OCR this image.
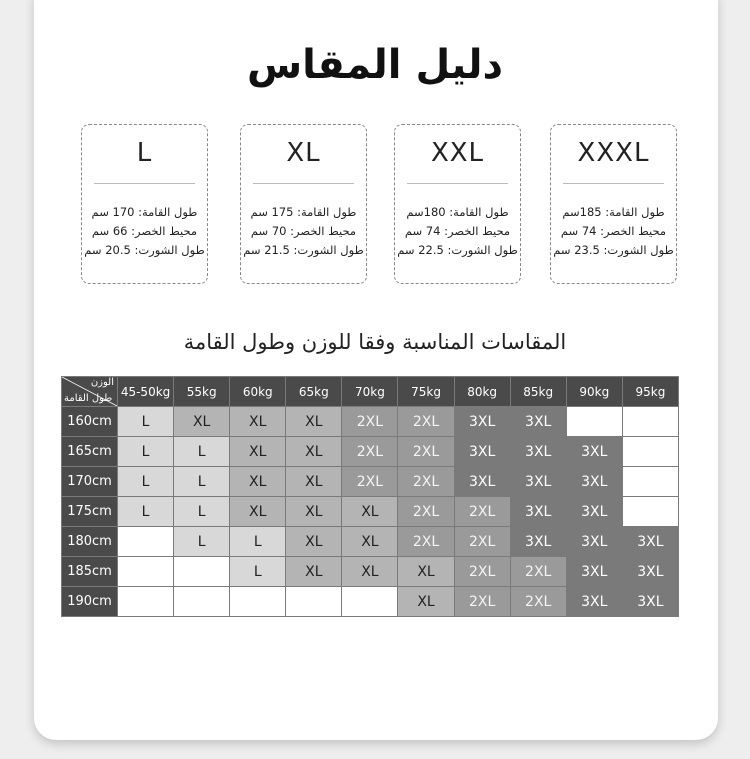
دليل المقاس
XXXL
طول القامة: 185سم
محيط الخصر: 74 سم
طول الشورت: 23.5 سم
XXL
طول القامة: 180سم
محيط الخصر: 74 سم
طول الشورت: 22.5 سم
XL
طول القامة: 175 سم
محيط الخصر: 70 سم
طول الشورت: 21.5 سم
L
طول القامة: 170 سم
محيط الخصر: 66 سم
طول الشورت: 20.5 سم
المقاسات المناسبة وفقا للوزن وطول القامة
الوزن
طول القامة	45-50kg	55kg	60kg	65kg	70kg	75kg	80kg	85kg	90kg	95kg
160cm	L	XL	XL	XL	2XL	2XL	3XL	3XL		
165cm	L	L	XL	XL	2XL	2XL	3XL	3XL	3XL	
170cm	L	L	XL	XL	2XL	2XL	3XL	3XL	3XL	
175cm	L	L	XL	XL	XL	2XL	2XL	3XL	3XL	
180cm		L	L	XL	XL	2XL	2XL	3XL	3XL	3XL
185cm			L	XL	XL	XL	2XL	2XL	3XL	3XL
190cm						XL	2XL	2XL	3XL	3XL
